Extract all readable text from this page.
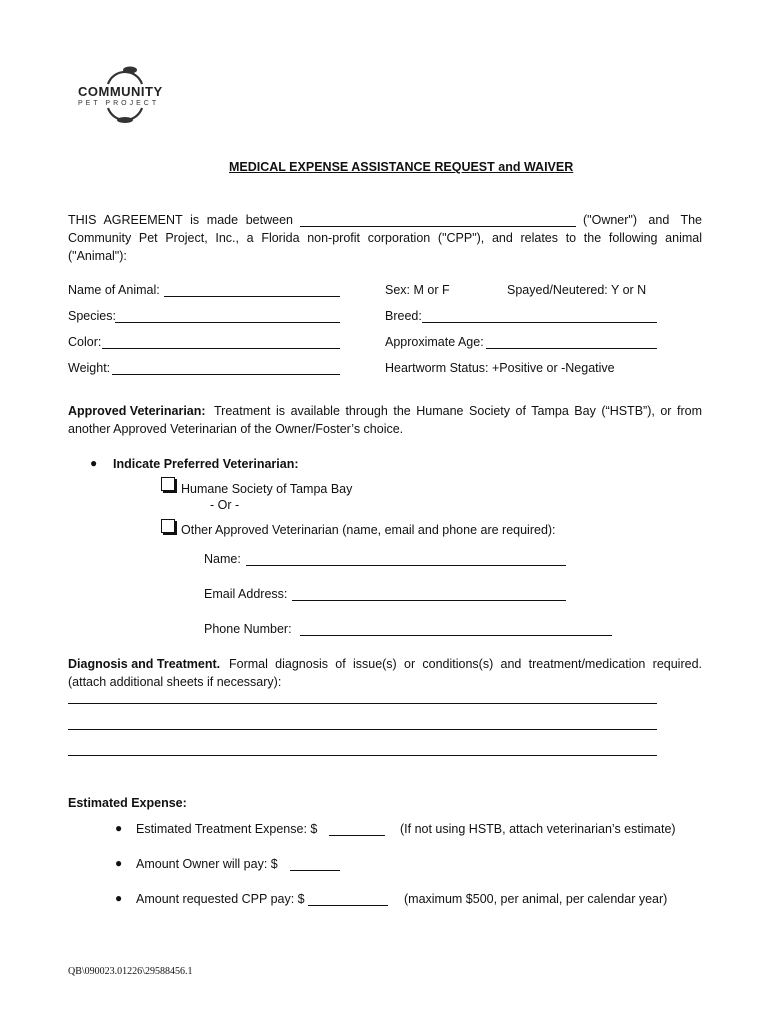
COMMUNITY
PET PROJECT
MEDICAL EXPENSE ASSISTANCE REQUEST and WAIVER
THIS AGREEMENT is made between	("Owner") and The
Community Pet Project, Inc., a Florida non-profit corporation ("CPP"), and relates to the following animal
("Animal"):
Name of Animal:	Sex: M or F	Spayed/Neutered: Y or N
Species:	Breed:
Color:	Approximate Age:
Weight:	Heartworm Status: +Positive or -Negative
Approved Veterinarian: Treatment is available through the Humane Society of Tampa Bay (“HSTB”), or from
another Approved Veterinarian of the Owner/Foster’s choice.
● Indicate Preferred Veterinarian:
Humane Society of Tampa Bay
- Or -
Other Approved Veterinarian (name, email and phone are required):
Name:
Email Address:
Phone Number:
Diagnosis and Treatment. Formal diagnosis of issue(s) or conditions(s) and treatment/medication required.
(attach additional sheets if necessary):
Estimated Expense:
● Estimated Treatment Expense: $	(If not using HSTB, attach veterinarian’s estimate)
● Amount Owner will pay: $
● Amount requested CPP pay: $	(maximum $500, per animal, per calendar year)
QB\090023.01226\29588456.1
